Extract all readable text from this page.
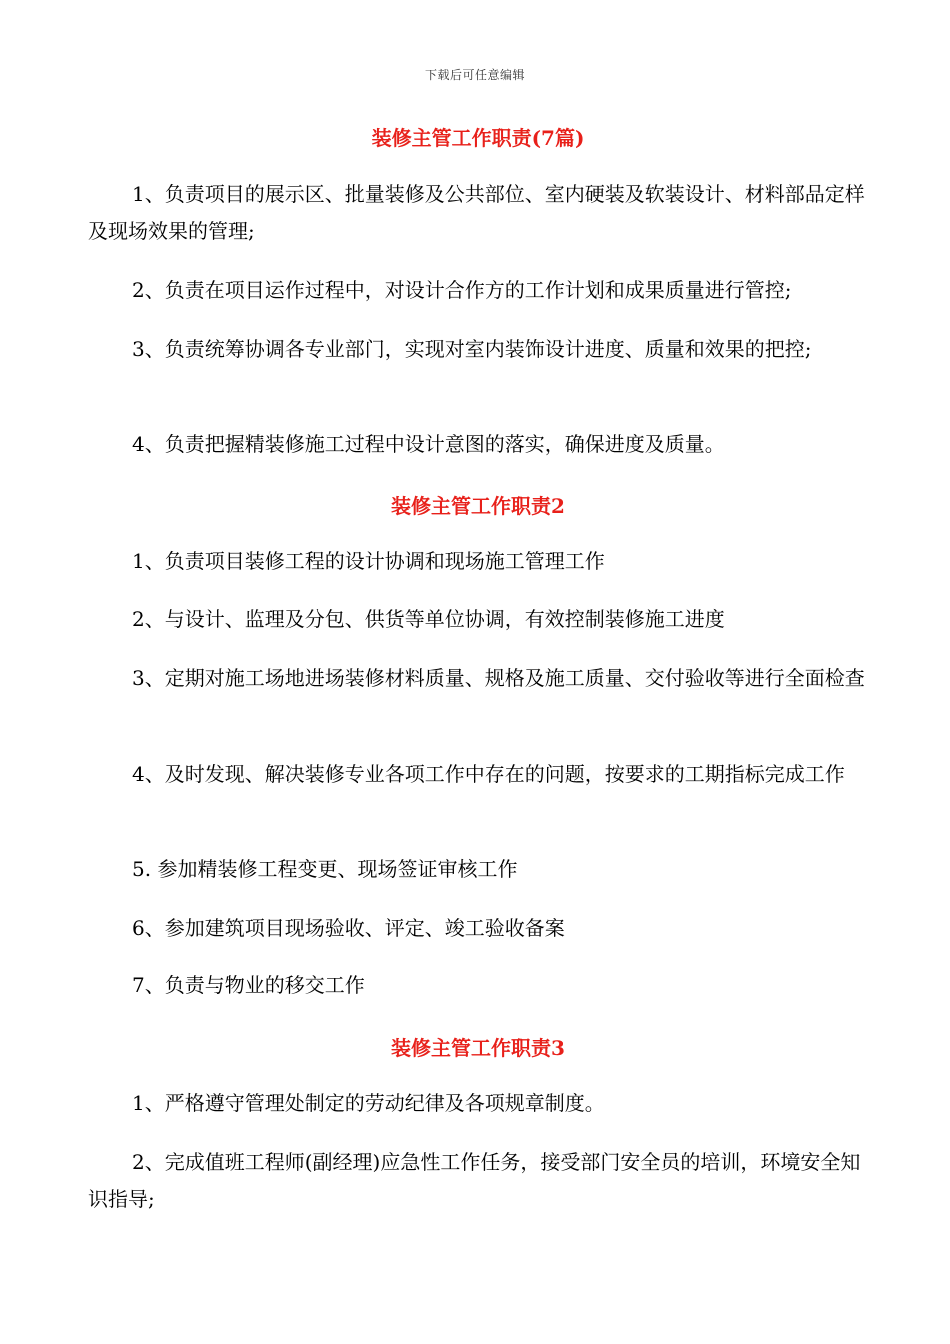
下载后可任意编辑
装修主管工作职责(7篇)

1、负责项目的展示区、批量装修及公共部位、室内硬装及软装设计、材料部品定样及现场效果的管理;

2、负责在项目运作过程中，对设计合作方的工作计划和成果质量进行管控;

3、负责统筹协调各专业部门，实现对室内装饰设计进度、质量和效果的把控;

4、负责把握精装修施工过程中设计意图的落实，确保进度及质量。

装修主管工作职责2

1、负责项目装修工程的设计协调和现场施工管理工作

2、与设计、监理及分包、供货等单位协调，有效控制装修施工进度

3、定期对施工场地进场装修材料质量、规格及施工质量、交付验收等进行全面检查

4、及时发现、解决装修专业各项工作中存在的问题，按要求的工期指标完成工作

5. 参加精装修工程变更、现场签证审核工作

6、参加建筑项目现场验收、评定、竣工验收备案

7、负责与物业的移交工作

装修主管工作职责3

1、严格遵守管理处制定的劳动纪律及各项规章制度。

2、完成值班工程师(副经理)应急性工作任务，接受部门安全员的培训，环境安全知识指导;
